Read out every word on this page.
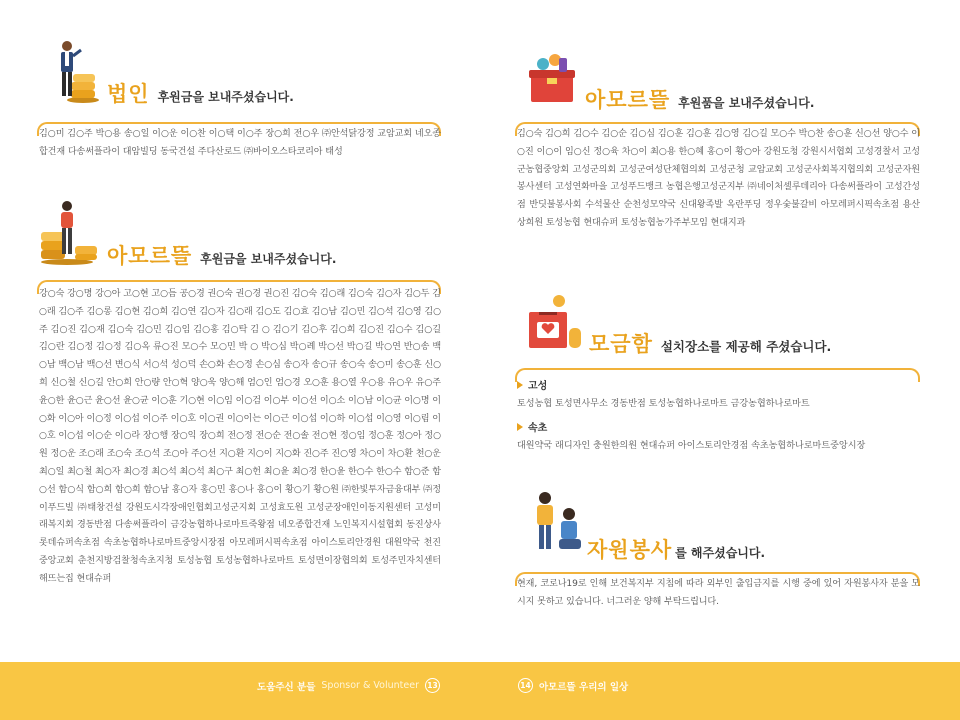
법인 후원금을 보내주셨습니다.
김○미 김○주 박○용 송○일 이○운 이○찬 이○택 이○주 장○희 전○우 ㈜안석닭강정 교암교회 네오종합건재 다송써플라이 대암빌딩 동국건설 주다산로드 ㈜바이오스타코리아 태성
아모르뜰 후원금을 보내주셨습니다.
강○숙 강○명 강○아 고○현 고○듬 공○경 권○숙 권○경 권○진 김○숙 김○래 김○숙 김○자 김○두 김○래 김○주 김○롱 김○현 김○희 김○연 김○자 김○래 김○도 김○효 김○남 김○민 김○석 김○영 김○주 김○진 김○재 김○숙 김○민 김○임 김○홍 김○탁 김 ○ 김○기 김○후 김○희 김○진 김○수 김○길 김○란 김○정 김○정 김○옥 류○진 모○수 모○민 박 ○ 박○심 박○례 박○선 박○길 박○연 반○송 백○남 백○남 백○선 변○식 서○석 성○덕 손○화 손○정 손○심 송○자 송○규 송○숙 송○미 송○훈 신○희 신○철 신○길 안○희 안○량 안○혁 양○욱 양○해 엄○인 엄○경 오○훈 용○열 우○용 유○우 유○주 윤○한 윤○근 윤○선 윤○균 이○훈 기○현 이○임 이○검 이○부 이○선 이○소 이○남 이○균 이○명 이○화 이○아 이○정 이○섭 이○주 이○호 이○권 이○이는 이○근 이○섭 이○하 이○섭 이○영 이○림 이○호 이○섭 이○순 이○라 장○행 장○익 장○희 전○정 전○순 전○솔 전○현 정○임 정○훈 정○아 정○원 정○운 조○래 조○숙 조○석 조○아 주○선 지○환 지○이 지○화 진○주 진○영 차○이 차○환 천○운 최○일 최○철 최○자 최○경 최○석 최○석 최○구 최○헌 최○윤 최○경 한○윤 한○수 한○수 함○준 함○선 함○식 함○희 함○희 함○남 홍○자 홍○민 홍○나 홍○이 황○기 황○원 ㈜한빛투자금융대부 ㈜정이푸드빌 ㈜태창건설 강원도시각장애인협회고성군지회 고성효도원 고성군장애인이동지원센터 고성미래복지회 경동반점 다송써플라이 금강농협하나로마트죽왕점 네오종합건재 노인복지시설협회 동진상사 롯데슈퍼속초점 속초농협하나로마트중앙시장점 아모레퍼시픽속초점 아이스토리안경원 대원약국 천진중앙교회 춘천지방검찰청속초지청 토성농협 토성농협하나로마트 토성면이장협의회 토성주민자치센터 해뜨는집 현대슈퍼
아모르뜰 후원품을 보내주셨습니다.
김○숙 김○희 김○수 김○순 김○심 김○훈 김○훈 김○영 김○길 모○수 박○찬 송○훈 신○선 양○수 이○진 이○이 임○신 정○육 차○이 최○용 한○혜 홍○이 황○아 강원도청 강원시서협회 고성경찰서 고성군농협중앙회 고성군의회 고성군여성단체협의회 고성군청 교암교회 고성군사회복지협의회 고성군자원봉사센터 고성연화마을 고성푸드뱅크 농협은행고성군지부 ㈜네이처셀루데리아 다송써플라이 고성간성점 반딧불봉사회 수석물산 순천성모약국 신대왕족발 옥란푸딩 정우숯불갈비 아모레퍼시픽속초점 용산상희원 토성농협 현대슈퍼 토성농협농가주부모임 현대지과
모금함 설치장소를 제공해 주셨습니다.
고성
토성농협 토성면사무소 경동반점 토성농협하나로마트 금강농협하나로마트
속초
대원약국 래디자인 충원한의원 현대슈퍼 아이스토리안경점 속초농협하나로마트중앙시장
자원봉사 를 해주셨습니다.
현재, 코로나19로 인해 보건복지부 지침에 따라 외부인 출입금지를 시행 중에 있어 자원봉사자 분을 모시지 못하고 있습니다. 너그러운 양해 부탁드립니다.
도움주신 분들 Sponsor & Volunteer	13	14 아모르뜰 우리의 일상
